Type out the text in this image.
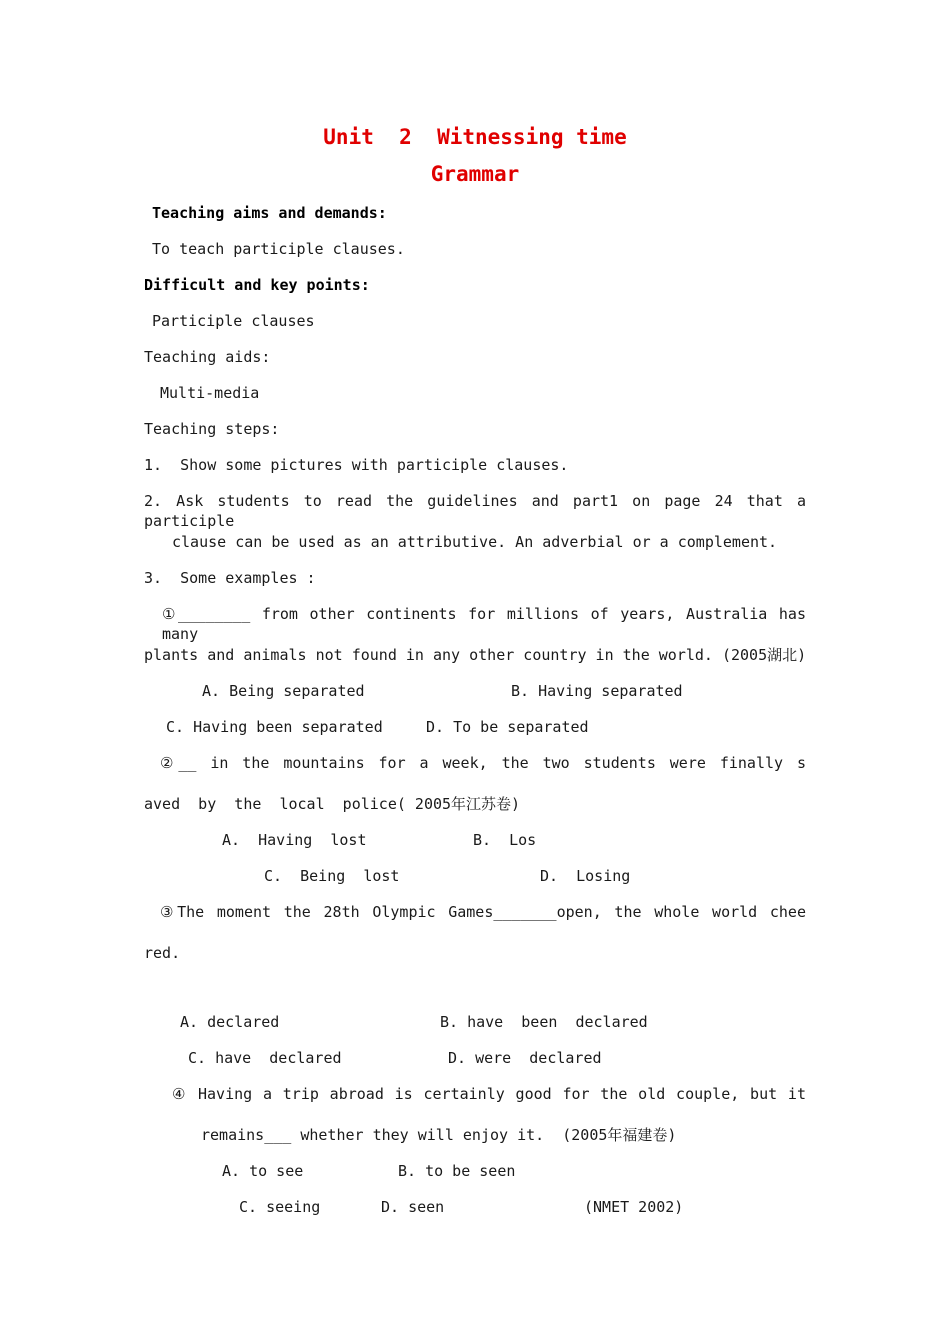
Unit  2  Witnessing time
Grammar
Teaching aims and demands:
To teach participle clauses.
Difficult and key points:
Participle clauses
Teaching aids:
Multi-media
Teaching steps:
1.  Show some pictures with participle clauses.
2. Ask students to read the guidelines and part1 on page 24 that a participle
clause can be used as an attributive. An adverbial or a complement.
3.  Some examples :
①________ from other continents for millions of years, Australia has many
plants and animals not found in any other country in the world. (2005湖北)
A. Being separated	B. Having separated
C. Having been separated	D. To be separated
②__ in the mountains for a week, the two students were finally s
aved  by  the  local  police( 2005年江苏卷)
A.  Having  lost	B.  Los
C.  Being  lost	D.  Losing
③The moment the 28th Olympic Games_______open, the whole world chee
red.
A. declared	B. have  been  declared
C. have  declared	D. were  declared
④ Having a trip abroad is certainly good for the old couple, but it
remains___ whether they will enjoy it.  (2005年福建卷)
A. to see	B. to be seen
C. seeing	D. seen	(NMET 2002)
